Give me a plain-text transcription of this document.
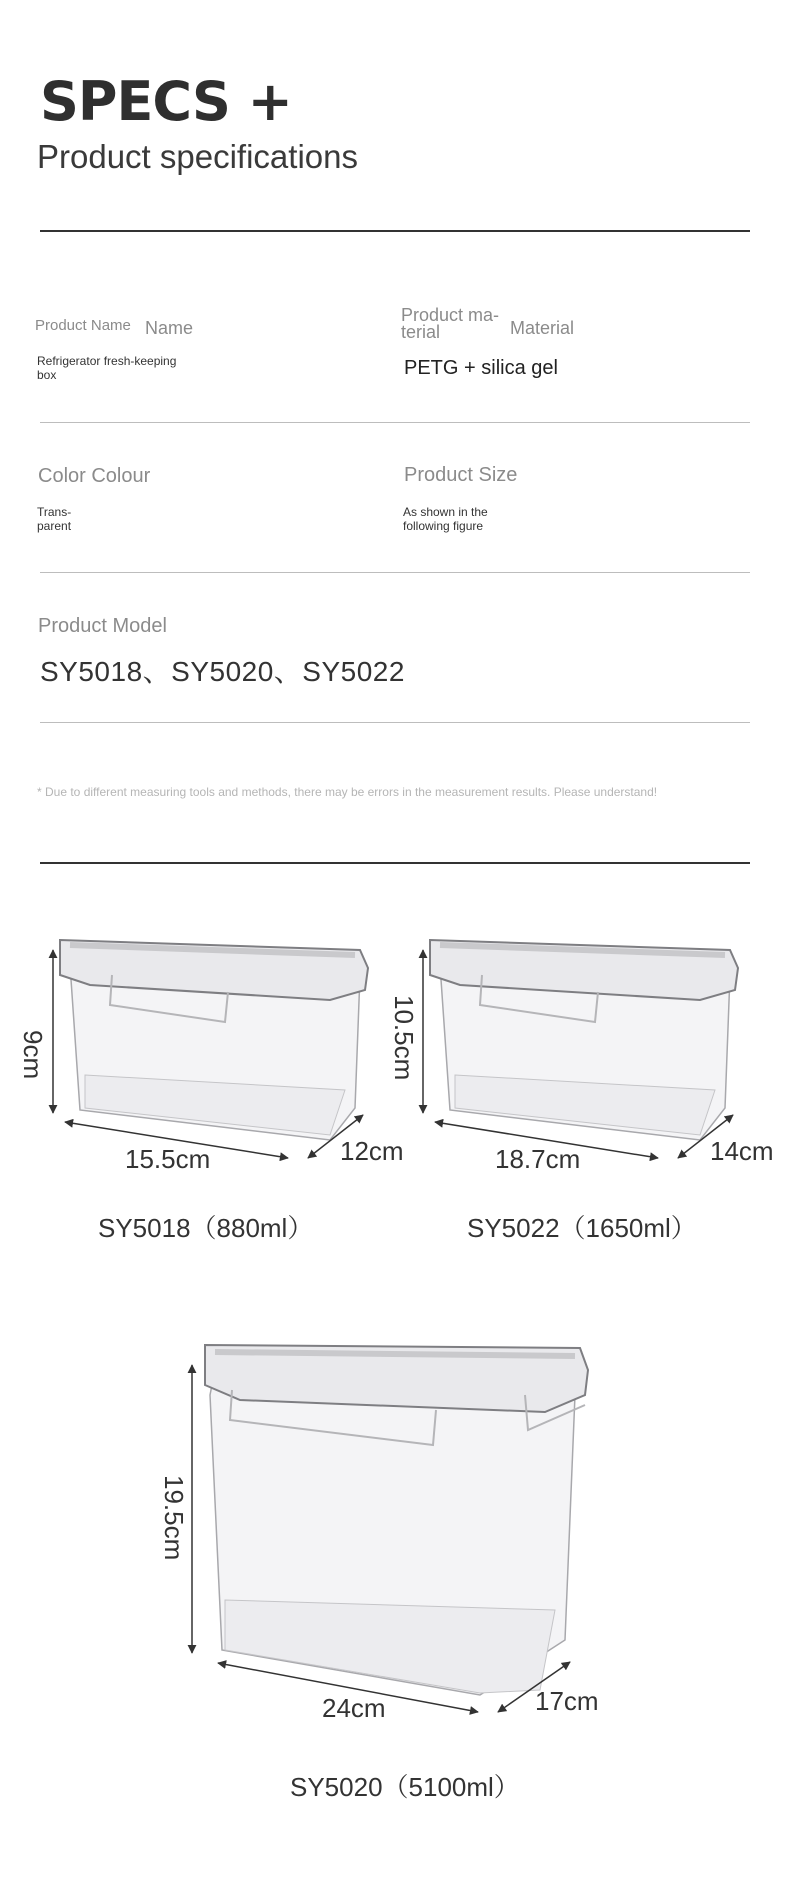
SPECS +
Product specifications
Product Name Name
Refrigerator fresh-keeping box
Product ma-terial	Material
PETG + silica gel
Color Colour
Trans-parent
Product Size
As shown in the following figure
Product Model
SY5018、SY5020、SY5022
* Due to different measuring tools and methods, there may be errors in the measurement results. Please understand!
9cm
15.5cm	12cm
10.5cm
18.7cm	14cm
19.5cm
24cm	17cm
SY5018（880ml）	SY5022（1650ml）
SY5020（5100ml）
